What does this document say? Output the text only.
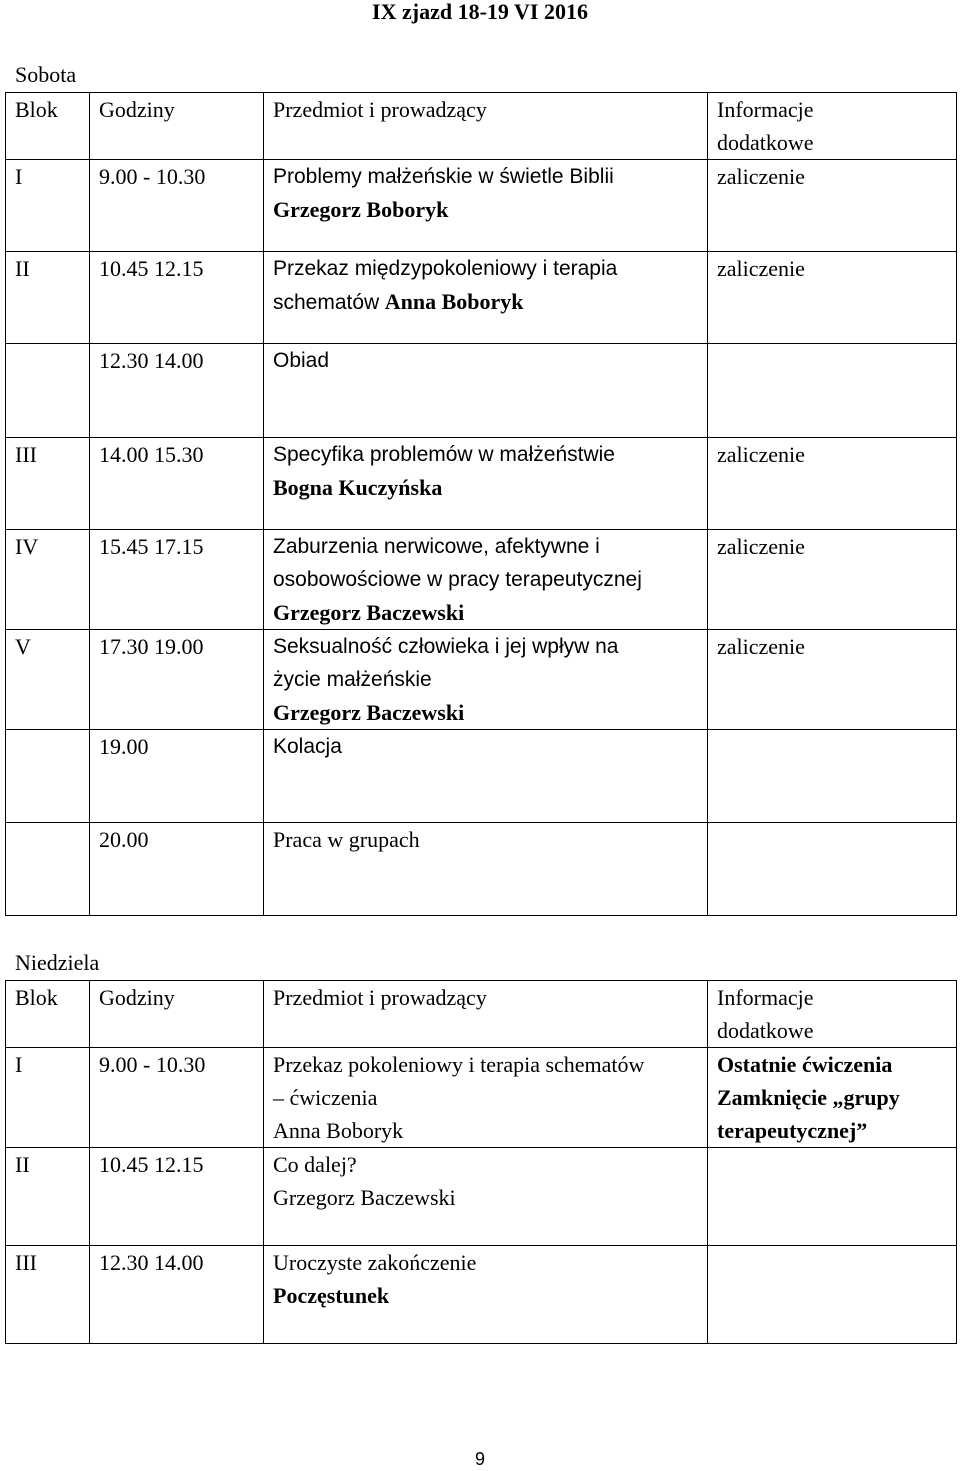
IX zjazd 18-19 VI 2016
Sobota
Blok	Godziny	Przedmiot i prowadzący	Informacje
dodatkowe

I	9.00 - 10.30	Problemy małżeńskie w świetle Biblii
Grzegorz Boboryk	zaliczenie
II	10.45 12.15	Przekaz międzypokoleniowy i terapia
schematów Anna Boboryk	zaliczenie
	12.30 14.00	Obiad	

III	14.00 15.30	Specyfika problemów w małżeństwie
Bogna Kuczyńska	zaliczenie
IV	15.45 17.15	Zaburzenia nerwicowe, afektywne i
osobowościowe w pracy terapeutycznej
Grzegorz Baczewski	zaliczenie
V	17.30 19.00	Seksualność człowieka i jej wpływ na
życie małżeńskie
Grzegorz Baczewski	zaliczenie
	19.00	Kolacja	

	20.00	Praca w grupach	

Niedziela
Blok	Godziny	Przedmiot i prowadzący	Informacje
dodatkowe

I	9.00 - 10.30	Przekaz pokoleniowy i terapia schematów
– ćwiczenia
Anna Boboryk	Ostatnie ćwiczenia
Zamknięcie „grupy
terapeutycznej”

II	10.45 12.15	Co dalej?
Grzegorz Baczewski	

III	12.30 14.00	Uroczyste zakończenie
Poczęstunek	

9
